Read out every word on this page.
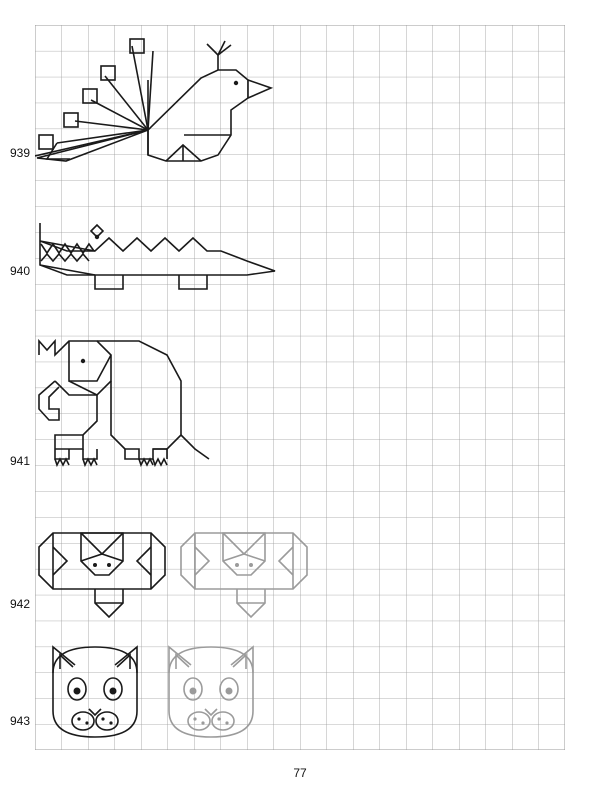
939
940
941
942
943
77
